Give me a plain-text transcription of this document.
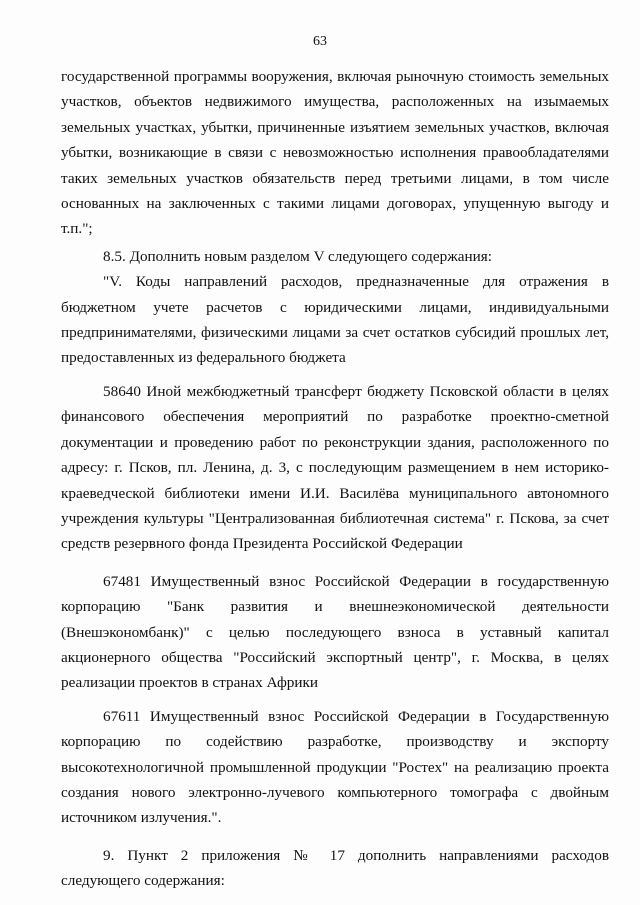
63

государственной программы вооружения, включая рыночную стоимость земельных участков, объектов недвижимого имущества, расположенных на изымаемых земельных участках, убытки, причиненные изъятием земельных участков, включая убытки, возникающие в связи с невозможностью исполнения правообладателями таких земельных участков обязательств перед третьими лицами, в том числе основанных на заключенных с такими лицами договорах, упущенную выгоду и т.п.";

8.5. Дополнить новым разделом V следующего содержания:

"V. Коды направлений расходов, предназначенные для отражения в бюджетном учете расчетов с юридическими лицами, индивидуальными предпринимателями, физическими лицами за счет остатков субсидий прошлых лет, предоставленных из федерального бюджета

58640 Иной межбюджетный трансферт бюджету Псковской области в целях финансового обеспечения мероприятий по разработке проектно-сметной документации и проведению работ по реконструкции здания, расположенного по адресу: г. Псков, пл. Ленина, д. 3, с последующим размещением в нем историко-краеведческой библиотеки имени И.И. Василёва муниципального автономного учреждения культуры "Централизованная библиотечная система" г. Пскова, за счет средств резервного фонда Президента Российской Федерации

67481 Имущественный взнос Российской Федерации в государственную корпорацию "Банк развития и внешнеэкономической деятельности (Внешэкономбанк)" с целью последующего взноса в уставный капитал акционерного общества "Российский экспортный центр", г. Москва, в целях реализации проектов в странах Африки

67611 Имущественный взнос Российской Федерации в Государственную корпорацию по содействию разработке, производству и экспорту высокотехнологичной промышленной продукции "Ростех" на реализацию проекта создания нового электронно-лучевого компьютерного томографа с двойным источником излучения.".

9. Пункт 2 приложения № 17 дополнить направлениями расходов следующего содержания:
